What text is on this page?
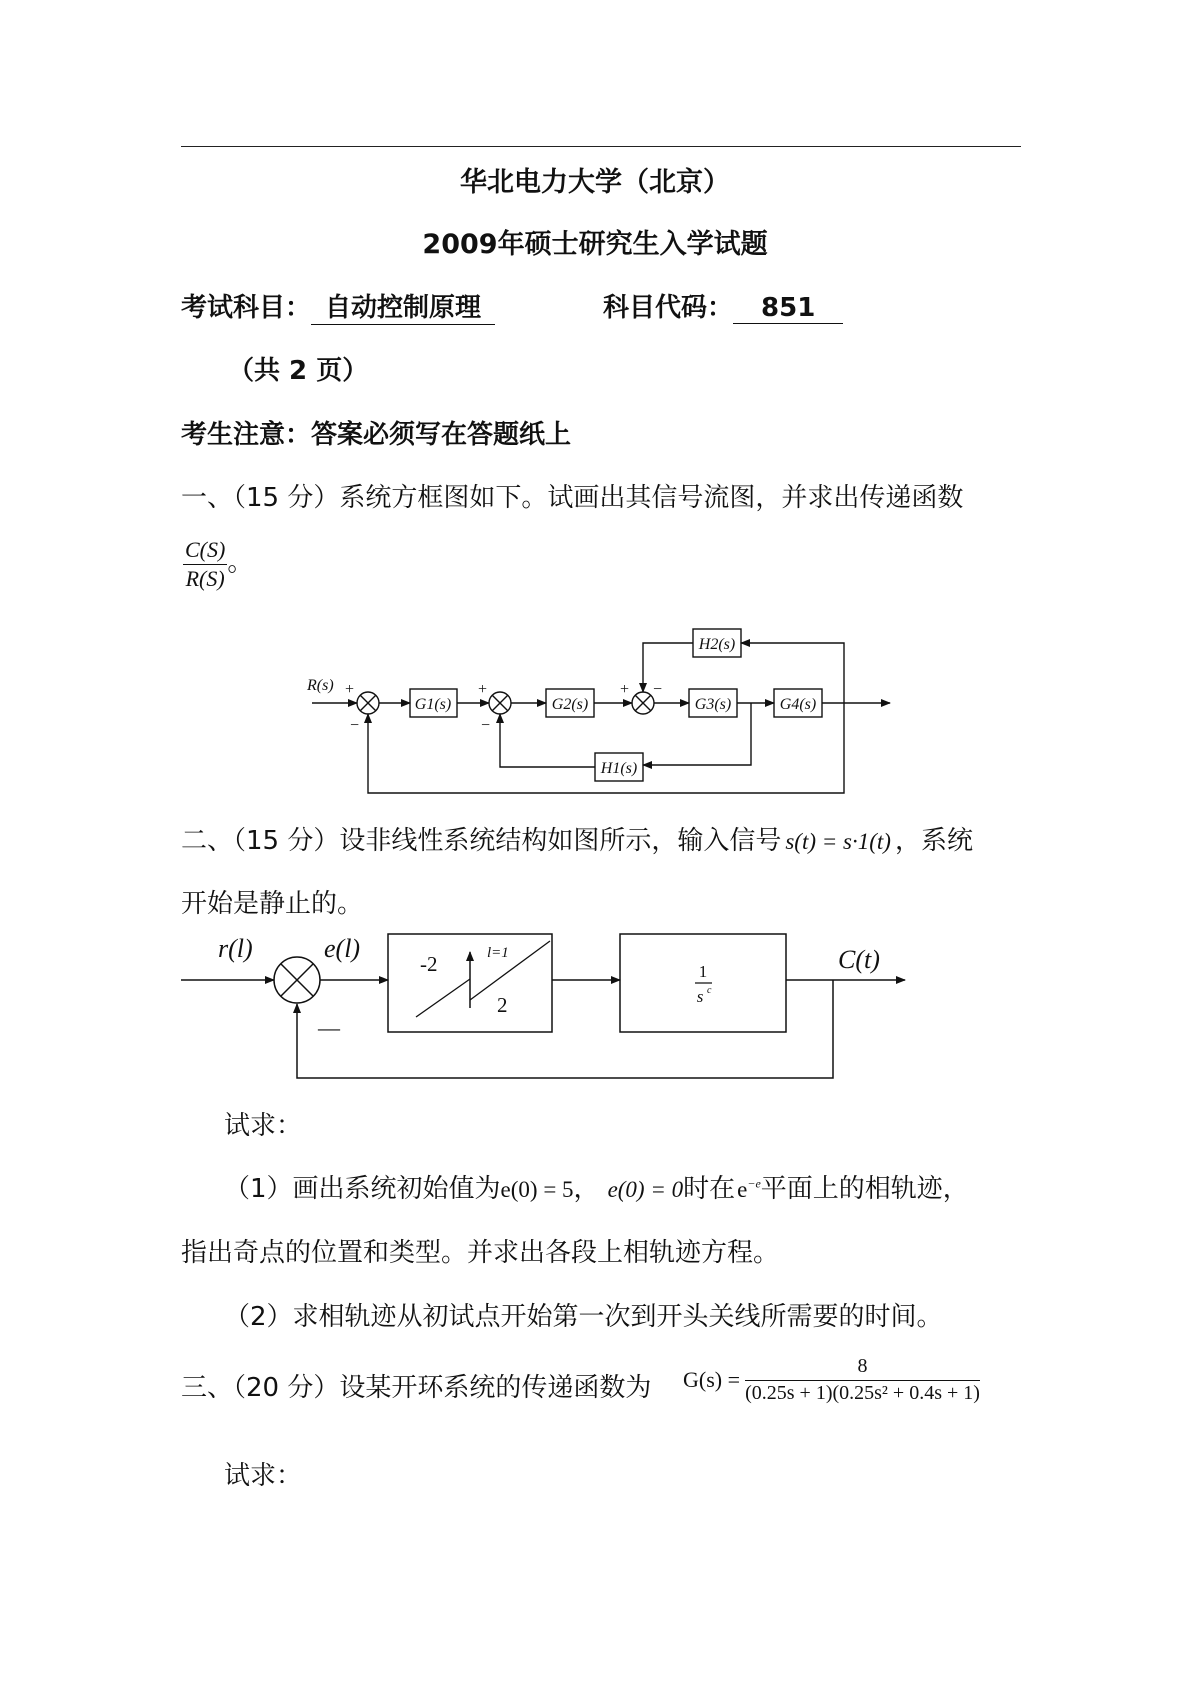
华北电力大学（北京）
2009年硕士研究生入学试题
考试科目： 自动控制原理	科目代码： 851
（共 2 页）
考生注意：答案必须写在答题纸上
一、（15 分）系统方框图如下。试画出其信号流图，并求出传递函数
$\frac{C(S)}{R(S)}$ 。
R(s)
G1(s)	G2(s)	G3(s)	G4(s)
H1(s)
H2(s)
+
−
+
−
+ −
二、（15 分）设非线性系统结构如图所示，输入信号 s(t) = s·1(t) ，系统
开始是静止的。
r(l)	e(l)	C(t)
—
-2	l=1
2
1
s c
试求：
（1）画出系统初始值为e(0) = 5， e(0) = 0时在$e^{-e}$平面上的相轨迹，
指出奇点的位置和类型。并求出各段上相轨迹方程。
（2）求相轨迹从初试点开始第一次到开头关线所需要的时间。
三、（20 分）设某开环系统的传递函数为 $G(s) = \frac{8}{\text{(0.25s + 1)(0.25s² + 0.4s + 1)}}$
试求：
